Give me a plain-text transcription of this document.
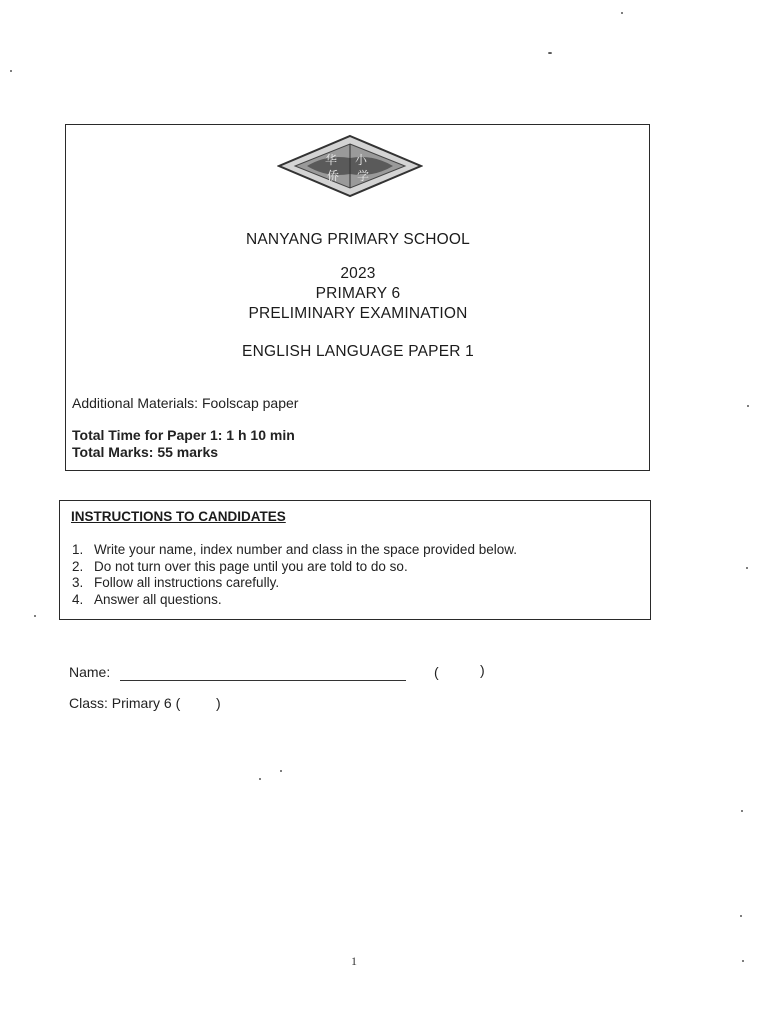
华
侨
小
学
NANYANG PRIMARY SCHOOL
2023
PRIMARY 6
PRELIMINARY EXAMINATION
ENGLISH LANGUAGE PAPER 1
Additional Materials: Foolscap paper
Total Time for Paper 1: 1 h 10 min
Total Marks: 55 marks
INSTRUCTIONS TO CANDIDATES
1. Write your name, index number and class in the space provided below.
2. Do not turn over this page until you are told to do so.
3. Follow all instructions carefully.
4. Answer all questions.
Name:	(	)
Class: Primary 6 (	)
1
